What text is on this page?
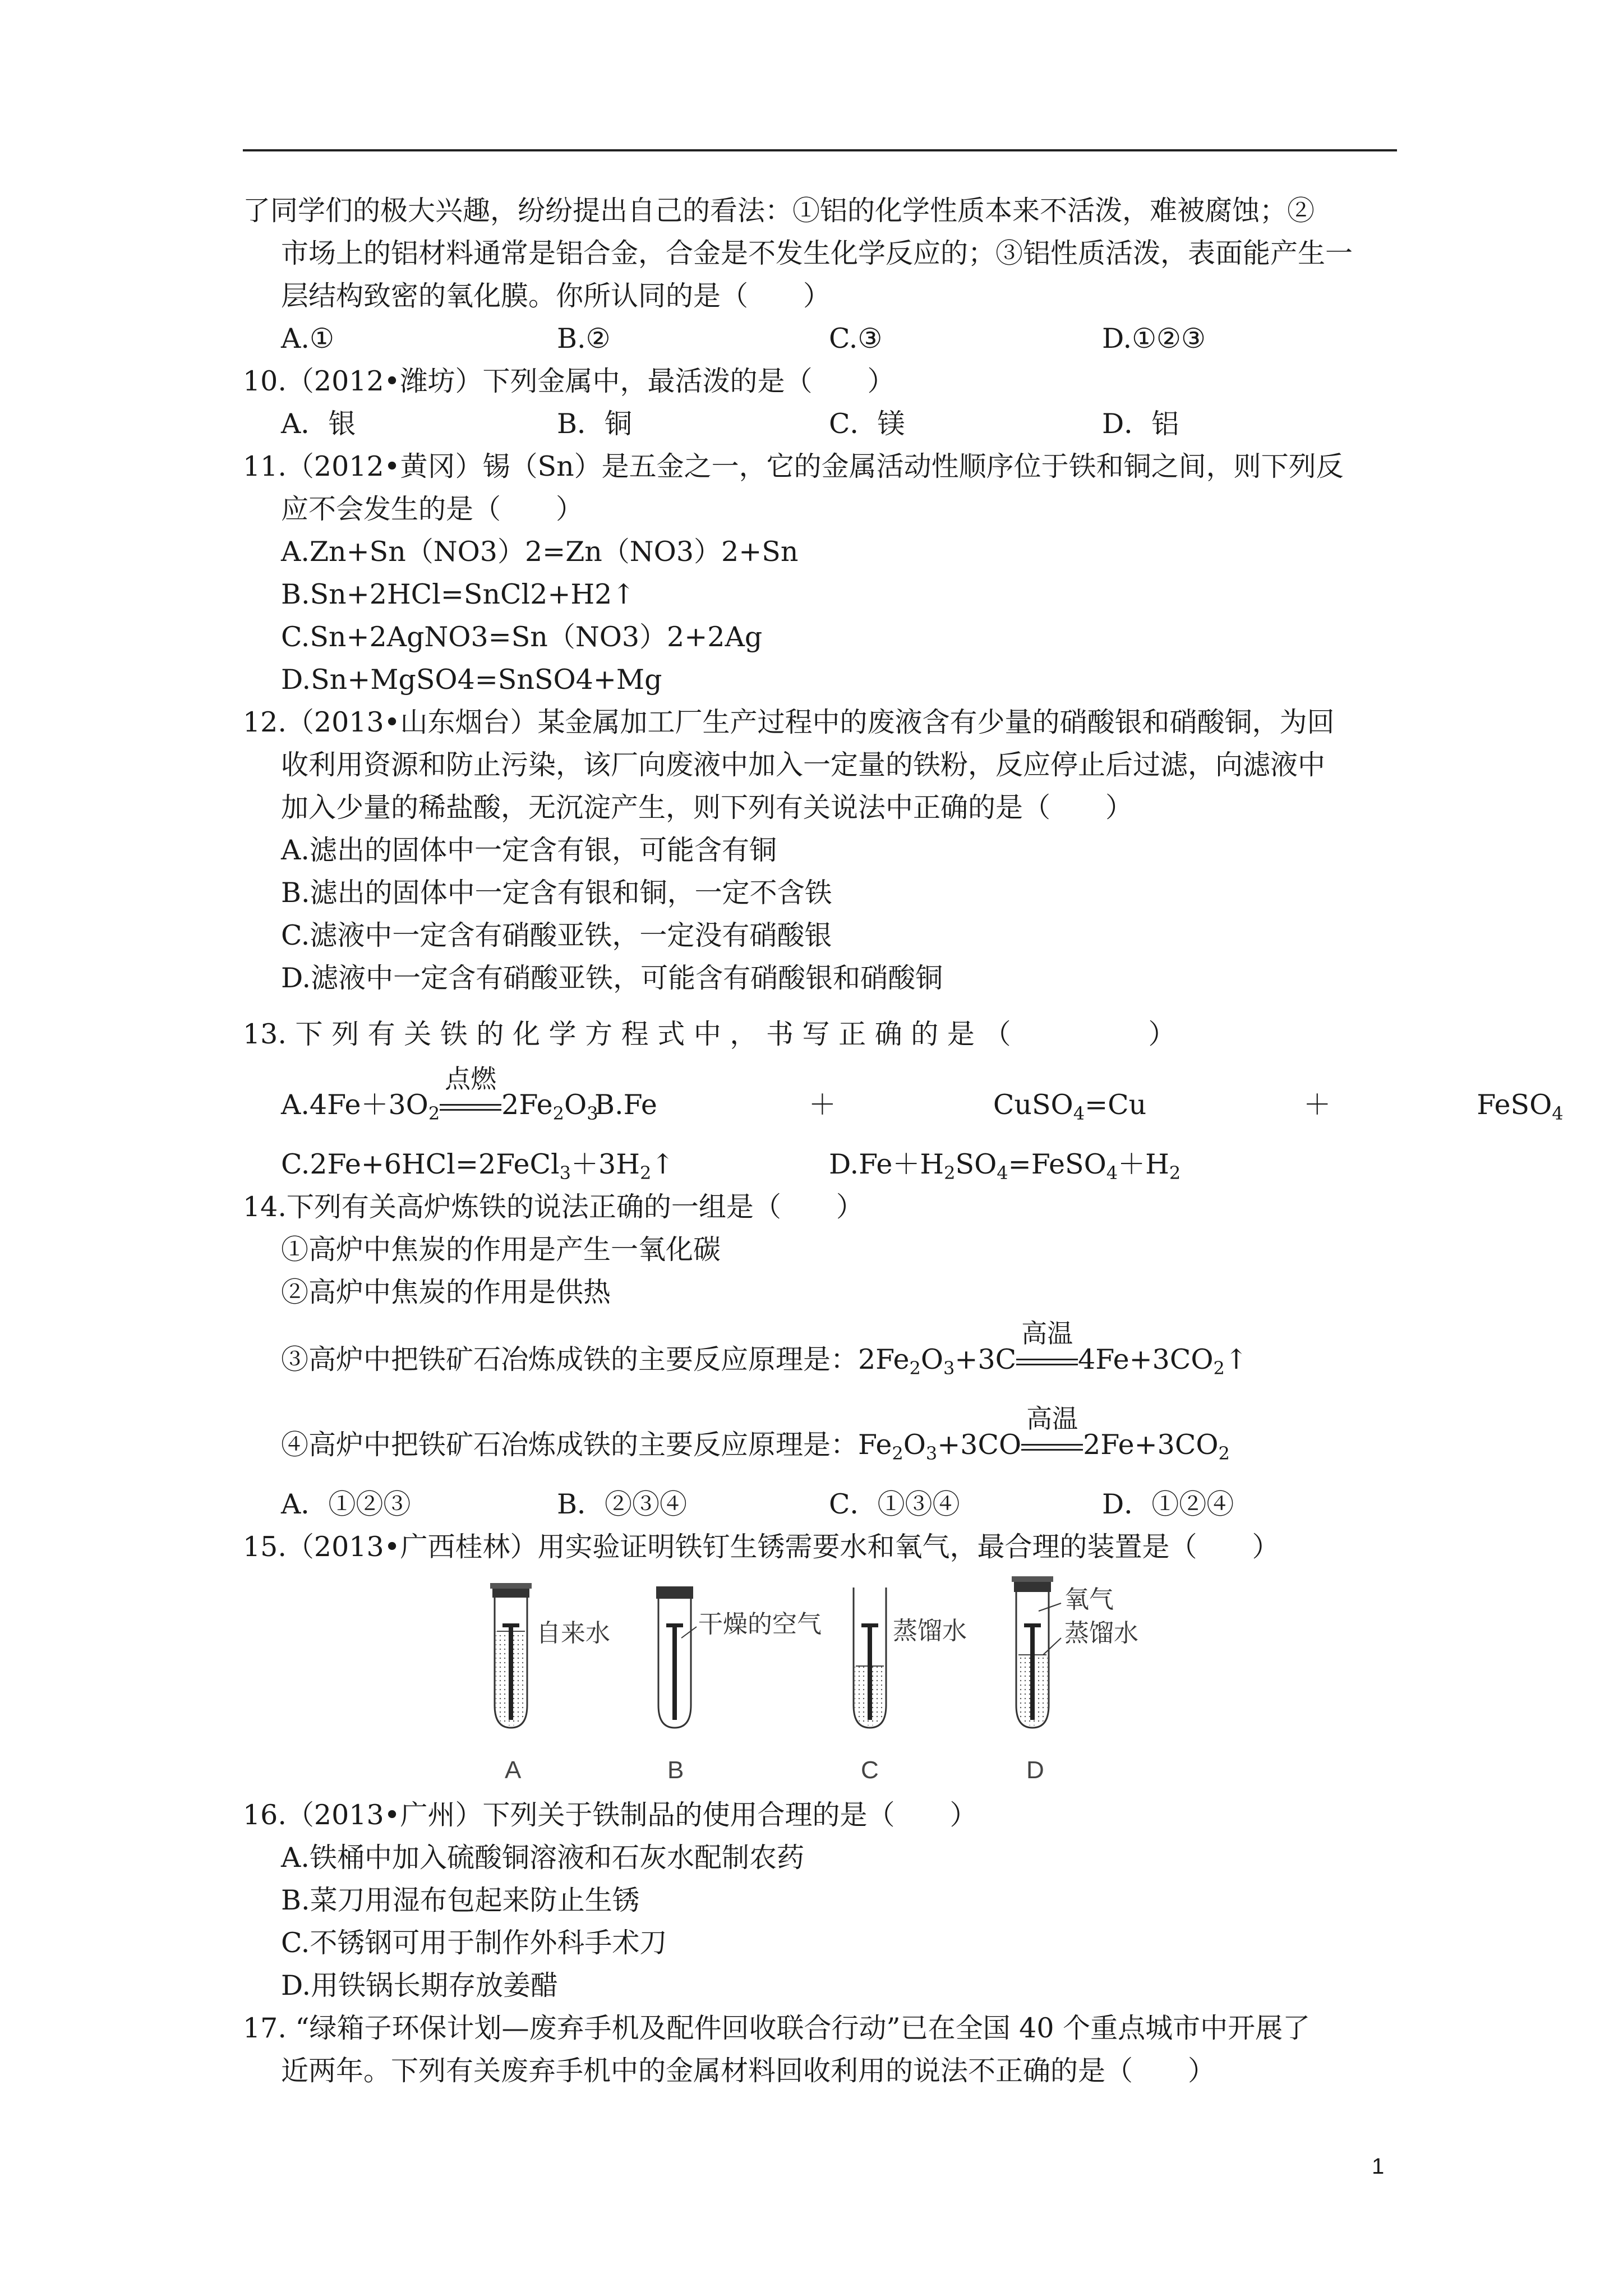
了同学们的极大兴趣，纷纷提出自己的看法：①铝的化学性质本来不活泼，难被腐蚀；②
市场上的铝材料通常是铝合金，合金是不发生化学反应的；③铝性质活泼，表面能产生一
层结构致密的氧化膜。你所认同的是（　　）
A.①	B.②	C.③	D.①②③
10.（2012•潍坊）下列金属中，最活泼的是（　　）
A．银	B．铜	C．镁	D．铝
11.（2012•黄冈）锡（Sn）是五金之一，它的金属活动性顺序位于铁和铜之间，则下列反
应不会发生的是（　　）
A.Zn+Sn（NO3）2=Zn（NO3）2+Sn
B.Sn+2HCl=SnCl2+H2↑
C.Sn+2AgNO3=Sn（NO3）2+2Ag
D.Sn+MgSO4=SnSO4+Mg
12.（2013•山东烟台）某金属加工厂生产过程中的废液含有少量的硝酸银和硝酸铜，为回
收利用资源和防止污染，该厂向废液中加入一定量的铁粉，反应停止后过滤，向滤液中
加入少量的稀盐酸，无沉淀产生，则下列有关说法中正确的是（　　）
A.滤出的固体中一定含有银，可能含有铜
B.滤出的固体中一定含有银和铜，一定不含铁
C.滤液中一定含有硝酸亚铁，一定没有硝酸银
D.滤液中一定含有硝酸亚铁，可能含有硝酸银和硝酸铜
13. 下 列 有 关 铁 的 化 学 方 程 式 中 ， 书 写 正 确 的 是 （　　　　　）
$A.4Fe+3O_2$
点燃
$2Fe_2O_3$
B.Fe	＋	CuSO$_4$=Cu	＋	FeSO$_4$
$C.2Fe+6HCl=2FeCl_3+3H_2↑$	$D.Fe+H_2SO_4=FeSO_4+H_2$
14.下列有关高炉炼铁的说法正确的一组是（　　）
①高炉中焦炭的作用是产生一氧化碳
②高炉中焦炭的作用是供热
③高炉中把铁矿石冶炼成铁的主要反应原理是：$2Fe_2O_3+3C$
高温
$4Fe+3CO_2↑$
④高炉中把铁矿石冶炼成铁的主要反应原理是：$Fe_2O_3+3CO$
高温
$2Fe+3CO_2$
A．①②③	B．②③④	C．①③④	D．①②④
15.（2013•广西桂林）用实验证明铁钉生锈需要水和氧气，最合理的装置是（　　）
自来水
A
干燥的空气
B
蒸馏水
C
氧气
蒸馏水
D
16.（2013•广州）下列关于铁制品的使用合理的是（　　）
A.铁桶中加入硫酸铜溶液和石灰水配制农药
B.菜刀用湿布包起来防止生锈
C.不锈钢可用于制作外科手术刀
D.用铁锅长期存放姜醋
17. “绿箱子环保计划—废弃手机及配件回收联合行动”已在全国 40 个重点城市中开展了
近两年。下列有关废弃手机中的金属材料回收利用的说法不正确的是（　　）
1
